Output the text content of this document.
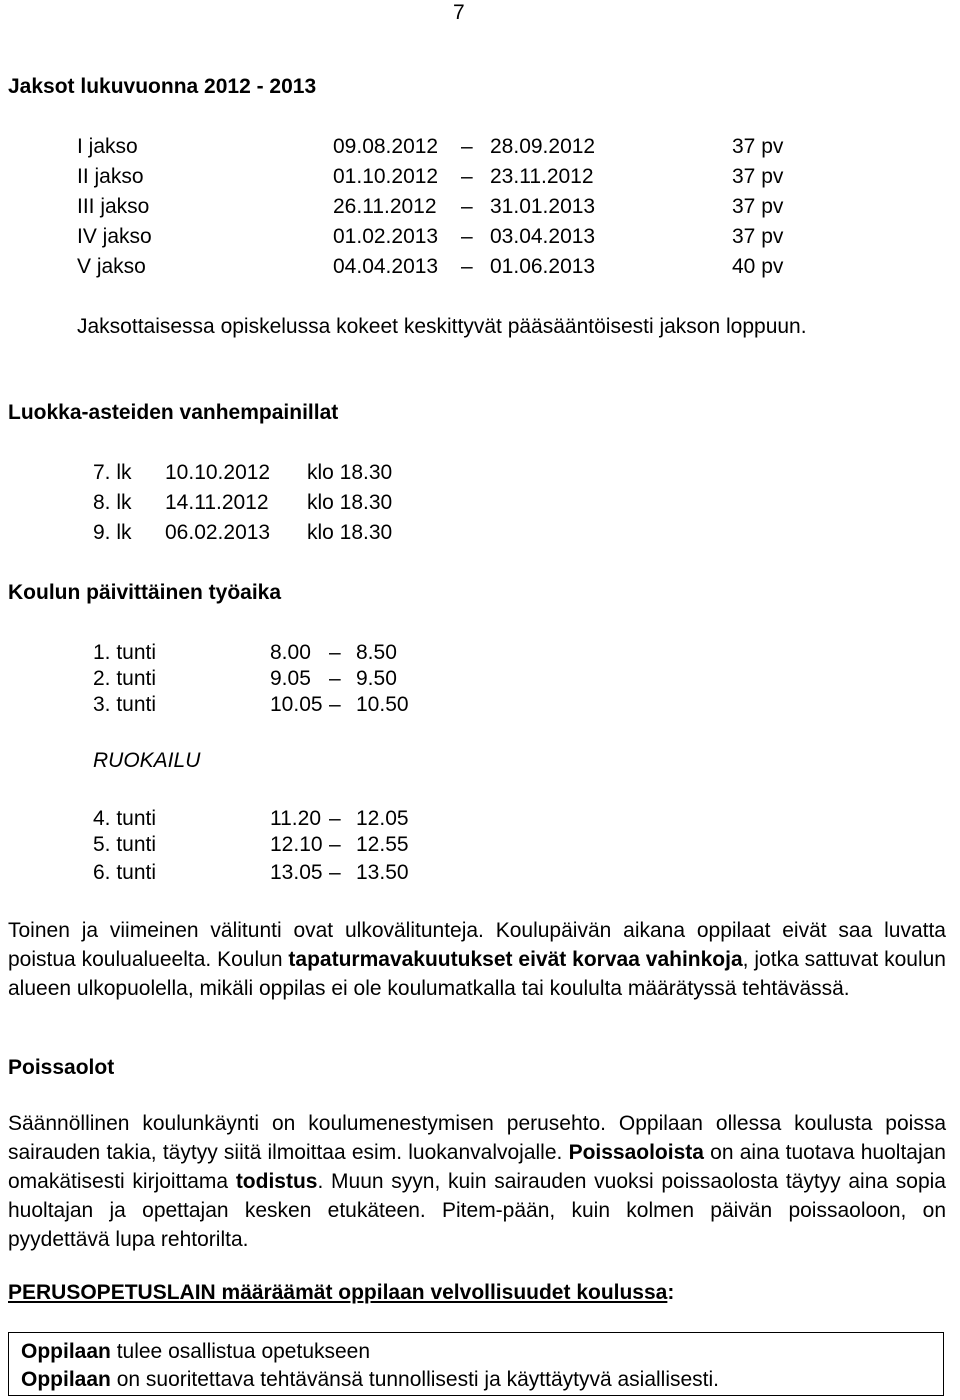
7
Jaksot lukuvuonna 2012 - 2013
I jakso	09.08.2012 – 28.09.2012	37 pv
II jakso	01.10.2012 – 23.11.2012	37 pv
III jakso	26.11.2012 – 31.01.2013	37 pv
IV jakso	01.02.2013 – 03.04.2013	37 pv
V jakso	04.04.2013 – 01.06.2013	40 pv
Jaksottaisessa opiskelussa kokeet keskittyvät pääsääntöisesti jakson loppuun.
Luokka-asteiden vanhempainillat
7. lk 10.10.2012 klo 18.30
8. lk 14.11.2012 klo 18.30
9. lk 06.02.2013 klo 18.30
Koulun päivittäinen työaika
1. tunti	8.00 – 8.50
2. tunti	9.05 – 9.50
3. tunti	10.05 – 10.50
RUOKAILU
4. tunti	11.20 – 12.05
5. tunti	12.10 – 12.55
6. tunti	13.05 – 13.50
Toinen ja viimeinen välitunti ovat ulkovälitunteja. Koulupäivän aikana oppilaat eivät saa luvatta poistua koulualueelta. Koulun tapaturmavakuutukset eivät korvaa vahinkoja, jotka sattuvat koulun alueen ulkopuolella, mikäli oppilas ei ole koulumatkalla tai koululta määrätyssä tehtävässä.
Poissaolot
Säännöllinen koulunkäynti on koulumenestymisen perusehto. Oppilaan ollessa koulusta poissa sairauden takia, täytyy siitä ilmoittaa esim. luokanvalvojalle. Poissaoloista on aina tuotava huoltajan omakätisesti kirjoittama todistus. Muun syyn, kuin sairauden vuoksi poissaolosta täytyy aina sopia huoltajan ja opettajan kesken etukäteen. Pitem-pään, kuin kolmen päivän poissaoloon, on pyydettävä lupa rehtorilta.
PERUSOPETUSLAIN määräämät oppilaan velvollisuudet koulussa:
Oppilaan tulee osallistua opetukseen
Oppilaan on suoritettava tehtävänsä tunnollisesti ja käyttäytyvä asiallisesti.
